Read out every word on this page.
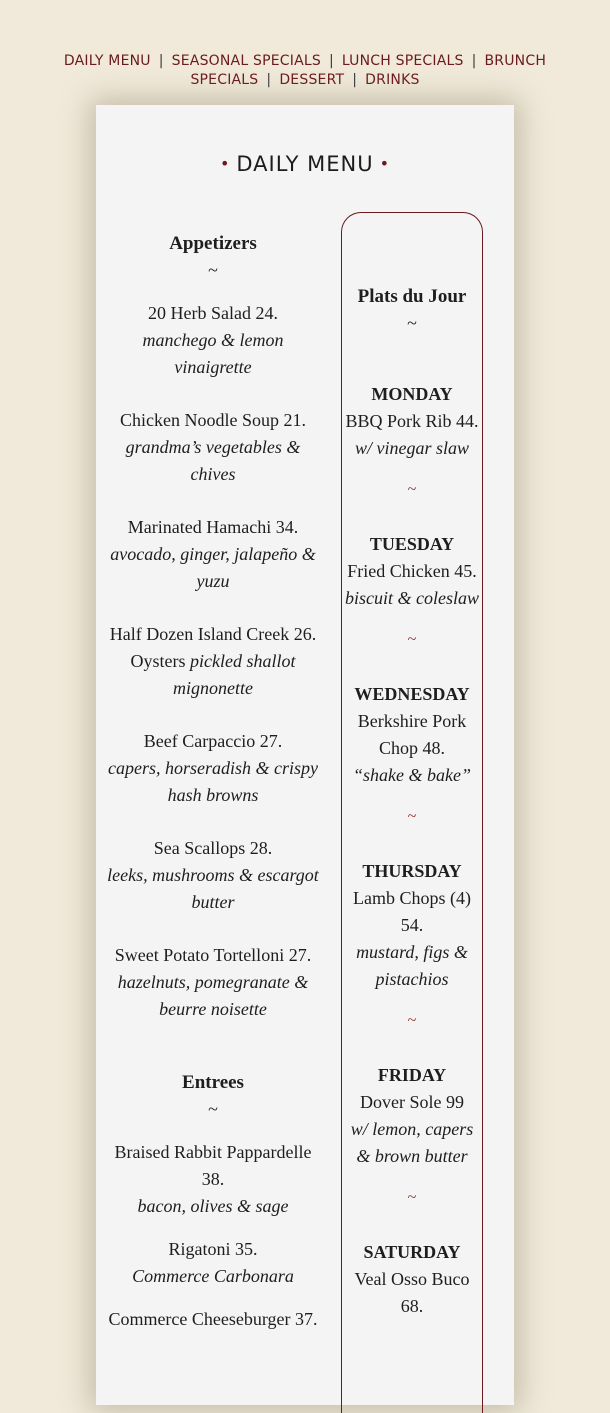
DAILY MENU | SEASONAL SPECIALS | LUNCH SPECIALS | BRUNCH SPECIALS | DESSERT | DRINKS
• DAILY MENU •
Appetizers
~
20 Herb Salad 24.
manchego & lemon vinaigrette
Chicken Noodle Soup 21.
grandma’s vegetables & chives
Marinated Hamachi 34.
avocado, ginger, jalapeño & yuzu
Half Dozen Island Creek 26.
Oysters pickled shallot mignonette
Beef Carpaccio 27.
capers, horseradish & crispy hash browns
Sea Scallops 28.
leeks, mushrooms & escargot butter
Sweet Potato Tortelloni 27.
hazelnuts, pomegranate & beurre noisette
Entrees
~
Braised Rabbit Pappardelle 38.
bacon, olives & sage
Rigatoni 35.
Commerce Carbonara
Commerce Cheeseburger 37.
Plats du Jour
~
MONDAY
BBQ Pork Rib 44.
w/ vinegar slaw
~
TUESDAY
Fried Chicken 45.
biscuit & coleslaw
~
WEDNESDAY
Berkshire Pork Chop 48.
“shake & bake”
~
THURSDAY
Lamb Chops (4) 54.
mustard, figs & pistachios
~
FRIDAY
Dover Sole 99
w/ lemon, capers & brown butter
~
SATURDAY
Veal Osso Buco 68.
